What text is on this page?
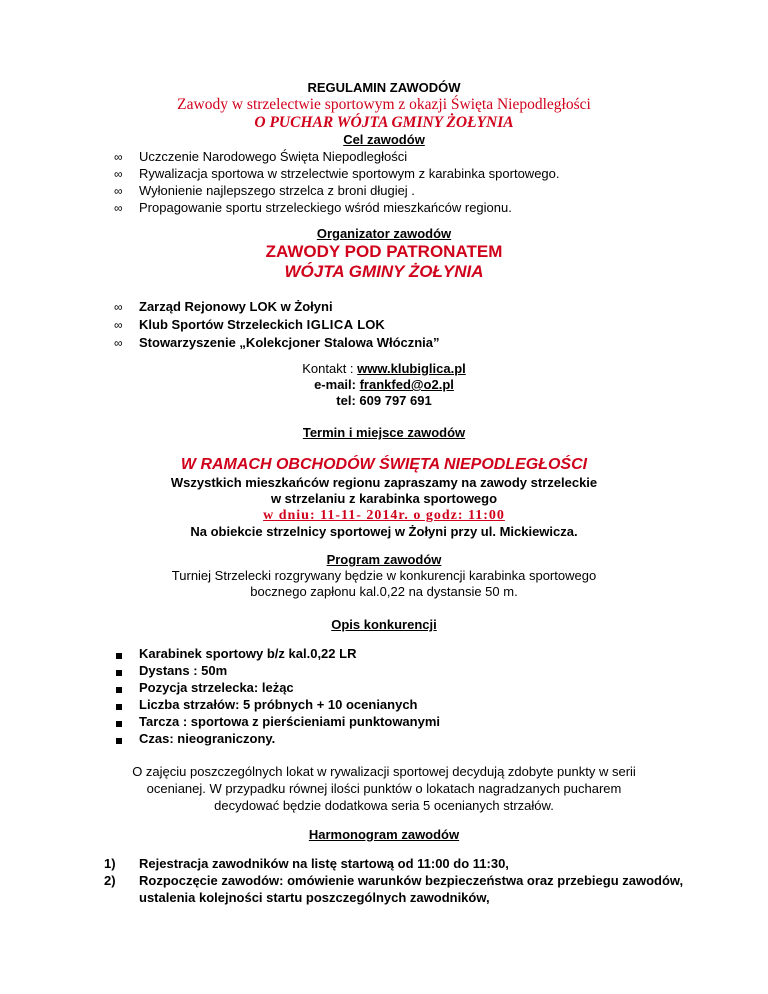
REGULAMIN ZAWODÓW
Zawody w strzelectwie sportowym z okazji Święta Niepodległości
O PUCHAR WÓJTA GMINY ŻOŁYNIA
Cel zawodów
∞ Uczczenie Narodowego Święta Niepodległości
∞ Rywalizacja sportowa w strzelectwie sportowym z karabinka sportowego.
∞ Wyłonienie najlepszego strzelca z broni długiej .
∞ Propagowanie sportu strzeleckiego wśród mieszkańców regionu.
Organizator zawodów
ZAWODY POD PATRONATEM
WÓJTA GMINY ŻOŁYNIA
∞ Zarząd Rejonowy LOK w Żołyni
∞ Klub Sportów Strzeleckich IGLICA LOK
∞ Stowarzyszenie „Kolekcjoner Stalowa Włócznia”
Kontakt : www.klubiglica.pl
e-mail: frankfed@o2.pl
tel: 609 797 691
Termin i miejsce zawodów
W RAMACH OBCHODÓW ŚWIĘTA NIEPODLEGŁOŚCI
Wszystkich mieszkańców regionu zapraszamy na zawody strzeleckie
w strzelaniu z karabinka sportowego
w dniu: 11-11- 2014r. o godz: 11:00
Na obiekcie strzelnicy sportowej w Żołyni przy ul. Mickiewicza.
Program zawodów
Turniej Strzelecki rozgrywany będzie w konkurencji karabinka sportowego
bocznego zapłonu kal.0,22 na dystansie 50 m.
Opis konkurencji
Karabinek sportowy b/z kal.0,22 LR
Dystans : 50m
Pozycja strzelecka: leżąc
Liczba strzałów: 5 próbnych + 10 ocenianych
Tarcza : sportowa z pierścieniami punktowanymi
Czas: nieograniczony.
O zajęciu poszczególnych lokat w rywalizacji sportowej decydują zdobyte punkty w serii
ocenianej. W przypadku równej ilości punktów o lokatach nagradzanych pucharem
decydować będzie dodatkowa seria 5 ocenianych strzałów.
Harmonogram zawodów
1) Rejestracja zawodników na listę startową od 11:00 do 11:30,
2) Rozpoczęcie zawodów: omówienie warunków bezpieczeństwa oraz przebiegu zawodów,
ustalenia kolejności startu poszczególnych zawodników,
